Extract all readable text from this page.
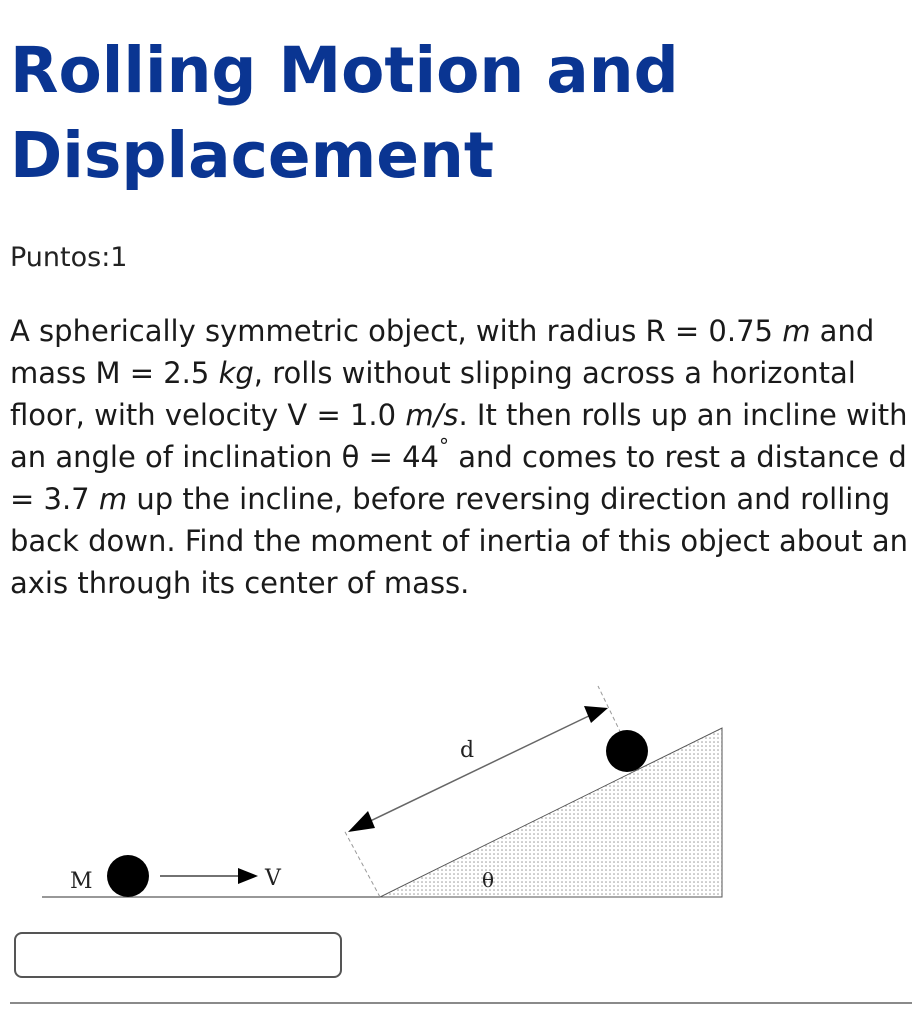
Rolling Motion and Displacement
Puntos:1

A spherically symmetric object, with radius R = 0.75 m and mass M = 2.5 kg, rolls without slipping across a horizontal floor, with velocity V = 1.0 m/s. It then rolls up an incline with an angle of inclination θ = 44° and comes to rest a distance d = 3.7 m up the incline, before reversing direction and rolling back down. Find the moment of inertia of this object about an axis through its center of mass.

M	V
d
θ
